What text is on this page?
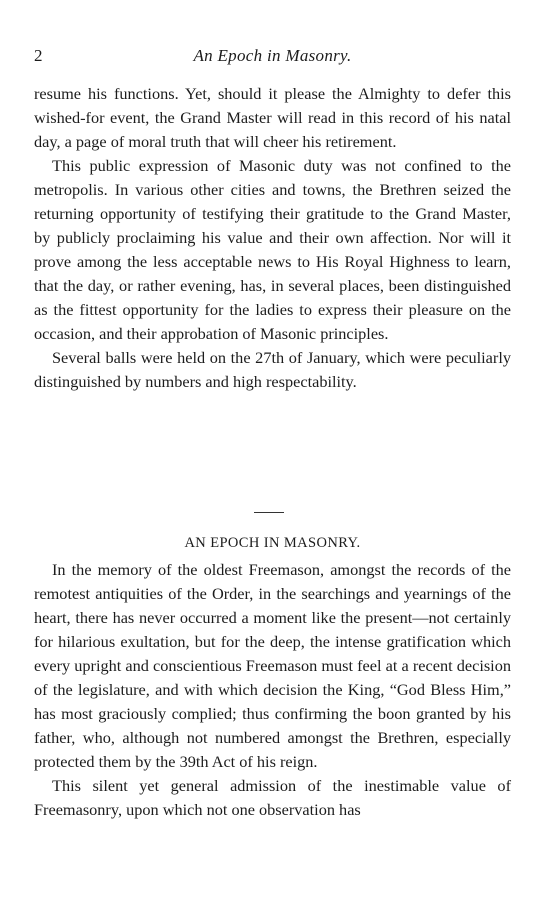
2	An Epoch in Masonry.

resume his functions. Yet, should it please the Almighty to defer this wished-for event, the Grand Master will read in this record of his natal day, a page of moral truth that will cheer his retirement.

This public expression of Masonic duty was not confined to the metropolis. In various other cities and towns, the Brethren seized the returning opportunity of testifying their gratitude to the Grand Master, by publicly proclaiming his value and their own affection. Nor will it prove among the less acceptable news to His Royal Highness to learn, that the day, or rather evening, has, in several places, been distinguished as the fittest opportunity for the ladies to express their pleasure on the occasion, and their approbation of Masonic principles.

Several balls were held on the 27th of January, which were peculiarly distinguished by numbers and high respectability.

AN EPOCH IN MASONRY.

In the memory of the oldest Freemason, amongst the records of the remotest antiquities of the Order, in the searchings and yearnings of the heart, there has never occurred a moment like the present—not certainly for hilarious exultation, but for the deep, the intense gratification which every upright and conscientious Freemason must feel at a recent decision of the legislature, and with which decision the King, “God Bless Him,” has most graciously complied; thus confirming the boon granted by his father, who, although not numbered amongst the Brethren, especially protected them by the 39th Act of his reign.

This silent yet general admission of the inestimable value of Freemasonry, upon which not one observation has
